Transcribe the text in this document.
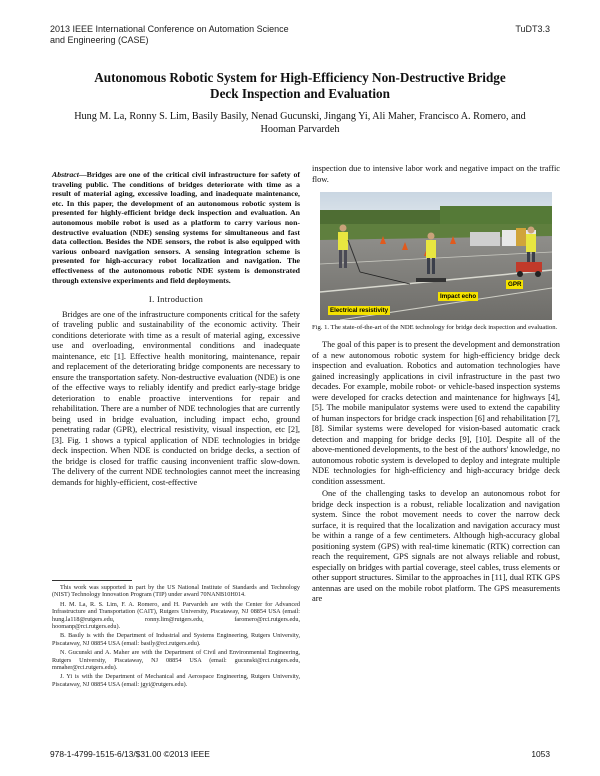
2013 IEEE International Conference on Automation Science
and Engineering (CASE)
TuDT3.3
Autonomous Robotic System for High-Efficiency Non-Destructive Bridge
Deck Inspection and Evaluation
Hung M. La, Ronny S. Lim, Basily Basily, Nenad Gucunski, Jingang Yi, Ali Maher, Francisco A. Romero, and
Hooman Parvardeh

Abstract—Bridges are one of the critical civil infrastructure for safety of traveling public. The conditions of bridges deteriorate with time as a result of material aging, excessive loading, and inadequate maintenance, etc. In this paper, the development of an autonomous robotic system is presented for highly-efficient bridge deck inspection and evaluation. An autonomous mobile robot is used as a platform to carry various non-destructive evaluation (NDE) sensing systems for simultaneous and fast data collection. Besides the NDE sensors, the robot is also equipped with various onboard navigation sensors. A sensing integration scheme is presented for high-accuracy robot localization and navigation. The effectiveness of the autonomous robotic NDE system is demonstrated through extensive experiments and field deployments.

I. Introduction

Bridges are one of the infrastructure components critical for the safety of traveling public and sustainability of the economic activity. Their conditions deteriorate with time as a result of material aging, excessive use and overloading, environmental conditions and inadequate maintenance, etc [1]. Effective health monitoring, maintenance, repair and replacement of the deteriorating bridge components are necessary to ensure the transportation safety. Non-destructive evaluation (NDE) is one of the effective ways to reliably identify and predict early-stage bridge deterioration to enable proactive interventions for repair and rehabilitation. There are a number of NDE technologies that are currently being used in bridge evaluation, including impact echo, ground penetrating radar (GPR), electrical resistivity, visual inspection, etc [2], [3]. Fig. 1 shows a typical application of NDE technologies in bridge deck inspection. When NDE is conducted on bridge decks, a section of the bridge is closed for traffic causing inconvenient traffic slow-down. The delivery of the current NDE technologies cannot meet the increasing demands for highly-efficient, cost-effective

This work was supported in part by the US National Institute of Standards and Technology (NIST) Technology Innovation Program (TIP) under award 70NANB10H014.

H. M. La, R. S. Lim, F. A. Romero, and H. Parvardeh are with the Center for Advanced Infrastructure and Transportation (CAIT), Rutgers University, Piscataway, NJ 08854 USA (email: hung.la118@rutgers.edu, ronny.lim@rutgers.edu, faromero@rci.rutgers.edu, hoomanp@rci.rutgers.edu).

B. Basily is with the Department of Industrial and Systems Engineering, Rutgers University, Piscataway, NJ 08854 USA (email: basily@rci.rutgers.edu).

N. Gucunski and A. Maher are with the Department of Civil and Environmental Engineering, Rutgers University, Piscataway, NJ 08854 USA (email: gucunski@rci.rutgers.edu, mmaher@rci.rutgers.edu).

J. Yi is with the Department of Mechanical and Aerospace Engineering, Rutgers University, Piscataway, NJ 08854 USA (email: jgyi@rutgers.edu).

inspection due to intensive labor work and negative impact on the traffic flow.

GPR
Impact echo
Electrical resistivity
Fig. 1. The state-of-the-art of the NDE technology for bridge deck inspection and evaluation.

The goal of this paper is to present the development and demonstration of a new autonomous robotic system for high-efficiency bridge deck inspection and evaluation. Robotics and automation technologies have gained increasingly applications in civil infrastructure in the past two decades. For example, mobile robot- or vehicle-based inspection systems were developed for cracks detection and maintenance for highways [4], [5]. The mobile manipulator systems were used to extend the capability of human inspectors for bridge crack inspection [6] and rehabilitation [7], [8]. Similar systems were developed for vision-based automatic crack detection and mapping for bridge decks [9], [10]. Despite all of the above-mentioned developments, to the best of the authors' knowledge, no autonomous robotic system is developed to deploy and integrate multiple NDE technologies for high-efficiency and high-accuracy bridge deck condition assessment.

One of the challenging tasks to develop an autonomous robot for bridge deck inspection is a robust, reliable localization and navigation system. Since the robot movement needs to cover the narrow deck surface, it is required that the localization and navigation accuracy must be within a range of a few centimeters. Although high-accuracy global positioning system (GPS) with real-time kinematic (RTK) correction can reach the requirement, GPS signals are not always reliable and robust, especially on bridges with partial coverage, steel cables, truss elements or other support structures. Similar to the approaches in [11], dual RTK GPS antennas are used on the mobile robot platform. The GPS measurements are

978-1-4799-1515-6/13/$31.00 ©2013 IEEE	1053
